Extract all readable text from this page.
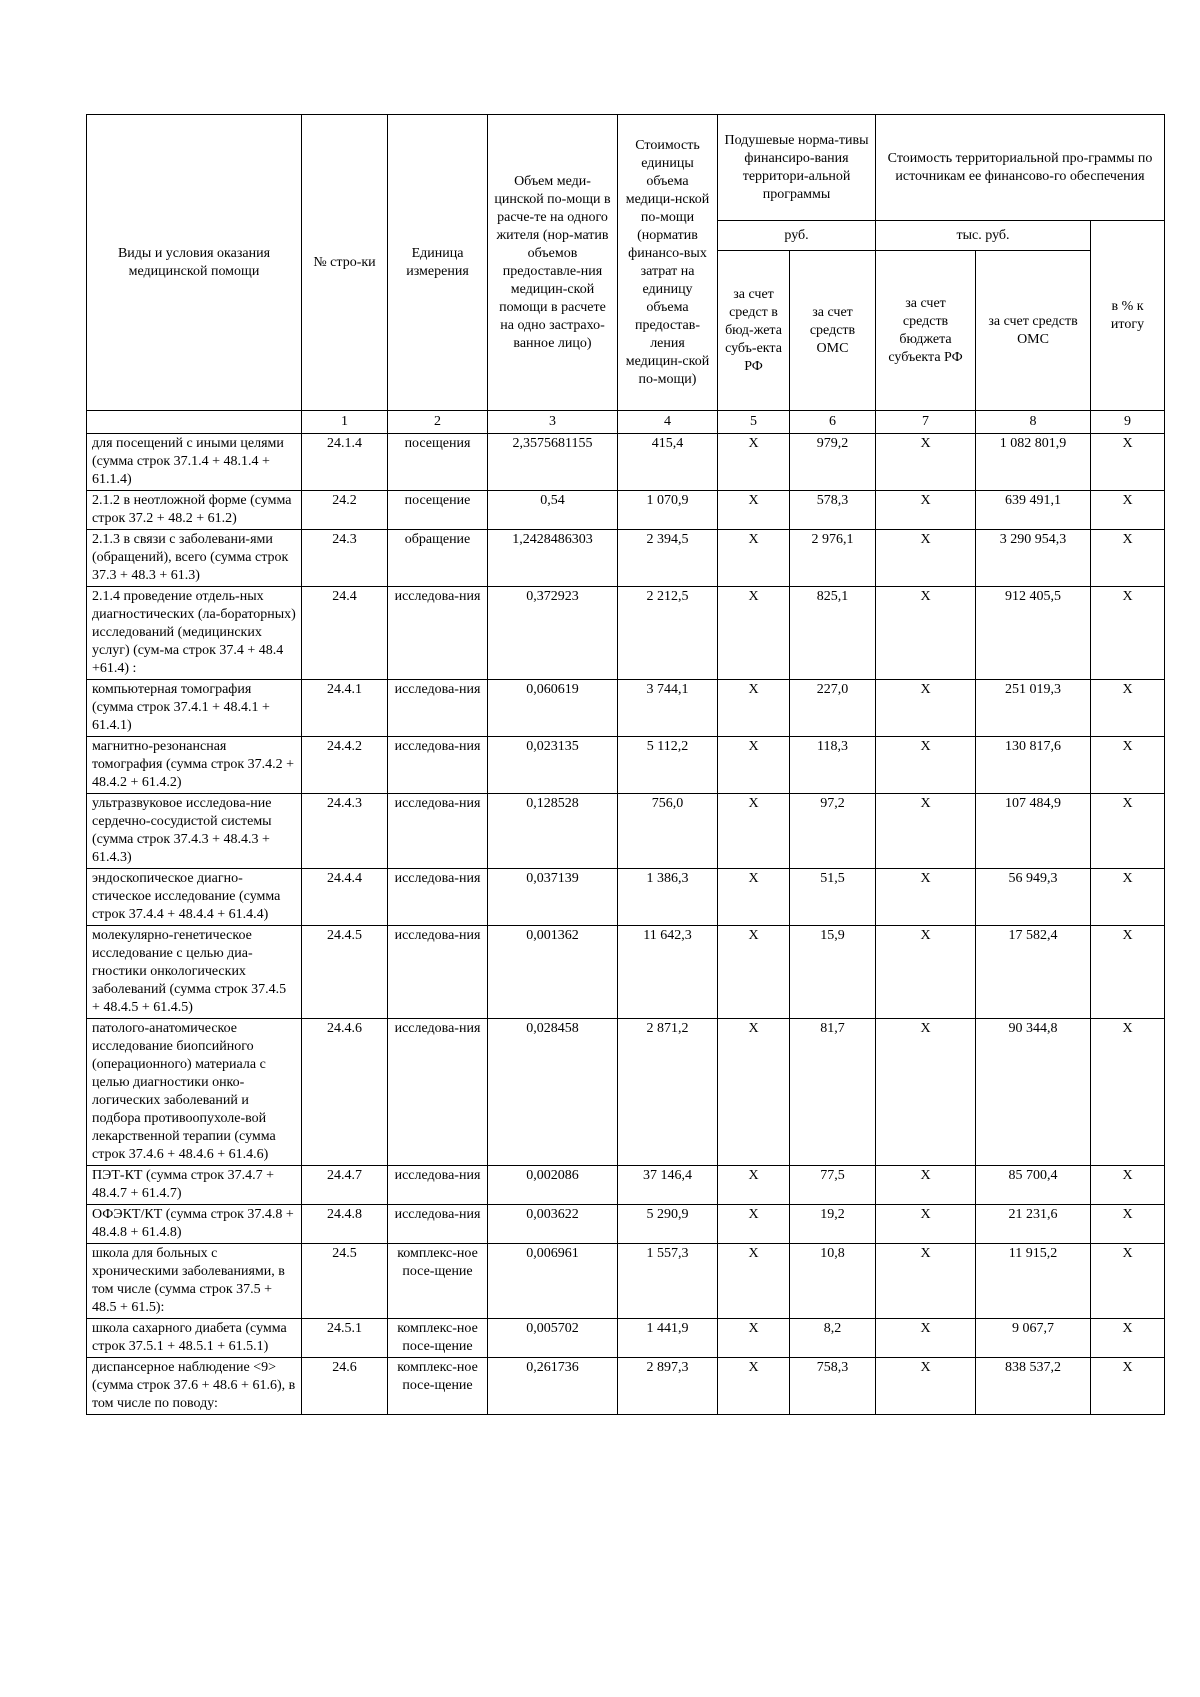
Виды и условия оказания медицинской помощи	№ стро-ки	Единица измерения	Объем меди-цинской по-мощи в расче-те на одного жителя (нор-матив объемов предоставле-ния медицин-ской помощи в расчете на одно застрахо-ванное лицо)	Стоимость единицы объема медици-нской по-мощи (норматив финансо-вых затрат на единицу объема предостав-ления медицин-ской по-мощи)	Подушевые норма-тивы финансиро-вания территори-альной программы		Стоимость территориальной про-граммы по источникам ее финансово-го обеспечения		
					руб.		тыс. руб.		в % к итогу
					за счет средст в бюд-жета субъ-екта РФ	за счет средств ОМС	за счет средств бюджета субъекта РФ	за счет средств ОМС	
	1	2	3	4	5	6	7	8	9
для посещений с иными целями (сумма строк 37.1.4 + 48.1.4 + 61.1.4)	24.1.4	посещения	2,3575681155	415,4	X	979,2	X	1 082 801,9	X
2.1.2 в неотложной форме (сумма строк 37.2 + 48.2 + 61.2)	24.2	посещение	0,54	1 070,9	X	578,3	X	639 491,1	X
2.1.3 в связи с заболевани-ями (обращений), всего (сумма строк 37.3 + 48.3 + 61.3)	24.3	обращение	1,2428486303	2 394,5	X	2 976,1	X	3 290 954,3	X
2.1.4 проведение отдель-ных диагностических (ла-бораторных) исследований (медицинских услуг) (сум-ма строк 37.4 + 48.4 +61.4) :	24.4	исследова-ния	0,372923	2 212,5	X	825,1	X	912 405,5	X
компьютерная томография (сумма строк 37.4.1 + 48.4.1 + 61.4.1)	24.4.1	исследова-ния	0,060619	3 744,1	X	227,0	X	251 019,3	X
магнитно-резонансная томография (сумма строк 37.4.2 + 48.4.2 + 61.4.2)	24.4.2	исследова-ния	0,023135	5 112,2	X	118,3	X	130 817,6	X
ультразвуковое исследова-ние сердечно-сосудистой системы (сумма строк 37.4.3 + 48.4.3 + 61.4.3)	24.4.3	исследова-ния	0,128528	756,0	X	97,2	X	107 484,9	X
эндоскопическое диагно-стическое исследование (сумма строк 37.4.4 + 48.4.4 + 61.4.4)	24.4.4	исследова-ния	0,037139	1 386,3	X	51,5	X	56 949,3	X
молекулярно-генетическое исследование с целью диа-гностики онкологических заболеваний (сумма строк 37.4.5 + 48.4.5 + 61.4.5)	24.4.5	исследова-ния	0,001362	11 642,3	X	15,9	X	17 582,4	X
патолого-анатомическое исследование биопсийного (операционного) материала с целью диагностики онко-логических заболеваний и подбора противоопухоле-вой лекарственной терапии (сумма строк 37.4.6 + 48.4.6 + 61.4.6)	24.4.6	исследова-ния	0,028458	2 871,2	X	81,7	X	90 344,8	X
ПЭТ-КТ (сумма строк 37.4.7 + 48.4.7 + 61.4.7)	24.4.7	исследова-ния	0,002086	37 146,4	X	77,5	X	85 700,4	X
ОФЭКТ/КТ (сумма строк 37.4.8 + 48.4.8 + 61.4.8)	24.4.8	исследова-ния	0,003622	5 290,9	X	19,2	X	21 231,6	X
школа для больных с хроническими заболеваниями, в том числе (сумма строк 37.5 + 48.5 + 61.5):	24.5	комплекс-ное посе-щение	0,006961	1 557,3	X	10,8	X	11 915,2	X
школа сахарного диабета (сумма строк 37.5.1 + 48.5.1 + 61.5.1)	24.5.1	комплекс-ное посе-щение	0,005702	1 441,9	X	8,2	X	9 067,7	X
диспансерное наблюдение <9> (сумма строк 37.6 + 48.6 + 61.6), в том числе по поводу:	24.6	комплекс-ное посе-щение	0,261736	2 897,3	X	758,3	X	838 537,2	X
